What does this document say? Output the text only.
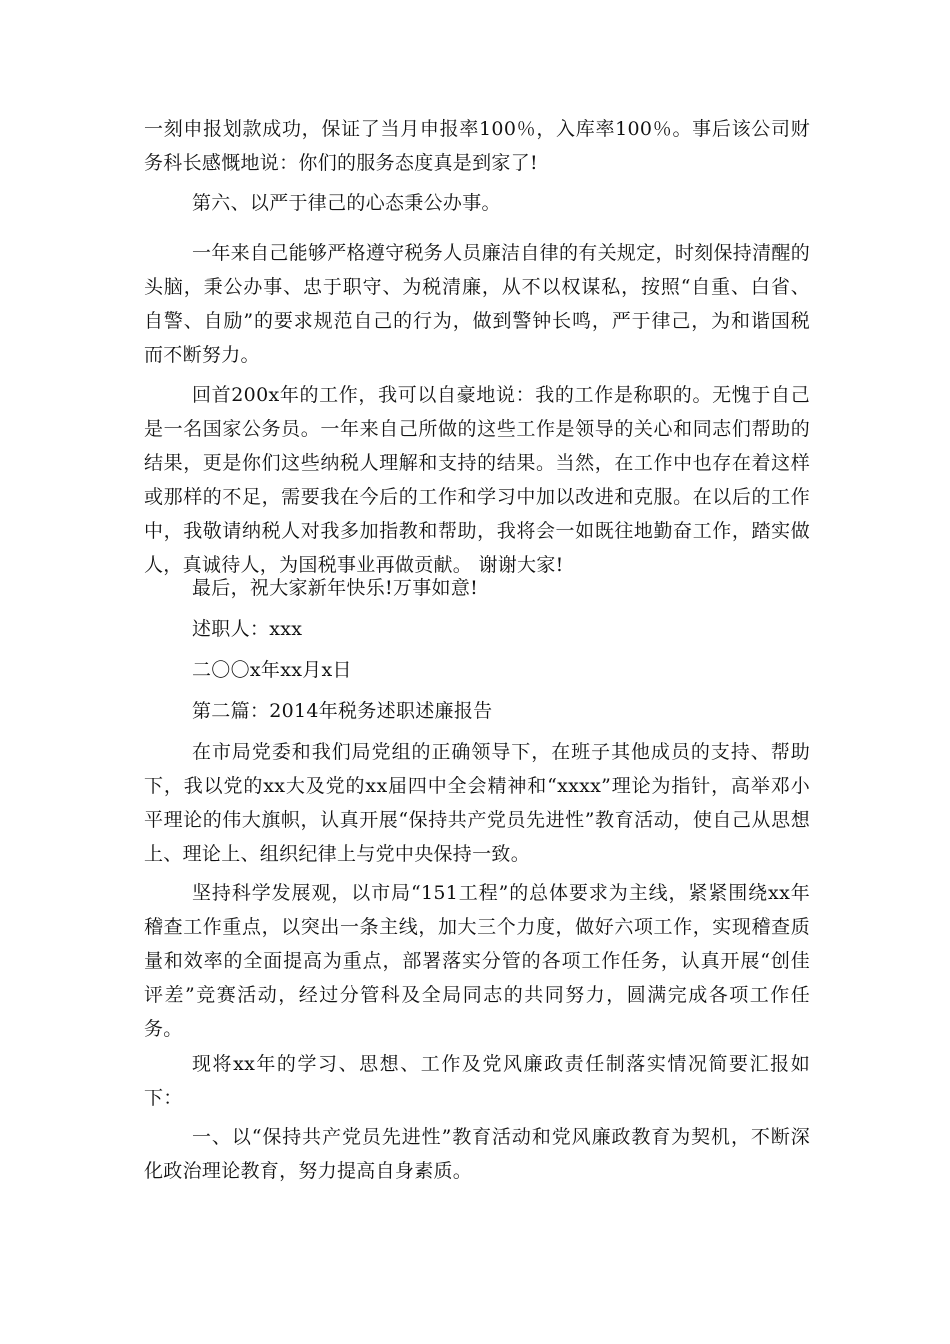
一刻申报划款成功，保证了当月申报率100％，入库率100％。事后该公司财务科长感慨地说：你们的服务态度真是到家了!

第六、以严于律己的心态秉公办事。

一年来自己能够严格遵守税务人员廉洁自律的有关规定，时刻保持清醒的头脑，秉公办事、忠于职守、为税清廉，从不以权谋私，按照“自重、白省、自警、自励”的要求规范自己的行为，做到警钟长鸣，严于律己，为和谐国税而不断努力。

回首200x年的工作，我可以自豪地说：我的工作是称职的。无愧于自己是一名国家公务员。一年来自己所做的这些工作是领导的关心和同志们帮助的结果，更是你们这些纳税人理解和支持的结果。当然，在工作中也存在着这样或那样的不足，需要我在今后的工作和学习中加以改进和克服。在以后的工作中，我敬请纳税人对我多加指教和帮助，我将会一如既往地勤奋工作，踏实做人，真诚待人，为国税事业再做贡献。 谢谢大家!

最后，祝大家新年快乐!万事如意!

述职人：xxx

二〇〇x年xx月x日

第二篇：2014年税务述职述廉报告

在市局党委和我们局党组的正确领导下，在班子其他成员的支持、帮助下，我以党的xx大及党的xx届四中全会精神和“xxxx”理论为指针，高举邓小平理论的伟大旗帜，认真开展“保持共产党员先进性”教育活动，使自己从思想上、理论上、组织纪律上与党中央保持一致。

坚持科学发展观，以市局“151工程”的总体要求为主线，紧紧围绕xx年稽查工作重点，以突出一条主线，加大三个力度，做好六项工作，实现稽查质量和效率的全面提高为重点，部署落实分管的各项工作任务，认真开展“创佳评差”竞赛活动，经过分管科及全局同志的共同努力，圆满完成各项工作任务。

现将xx年的学习、思想、工作及党风廉政责任制落实情况简要汇报如下：

一、以“保持共产党员先进性”教育活动和党风廉政教育为契机，不断深化政治理论教育，努力提高自身素质。
